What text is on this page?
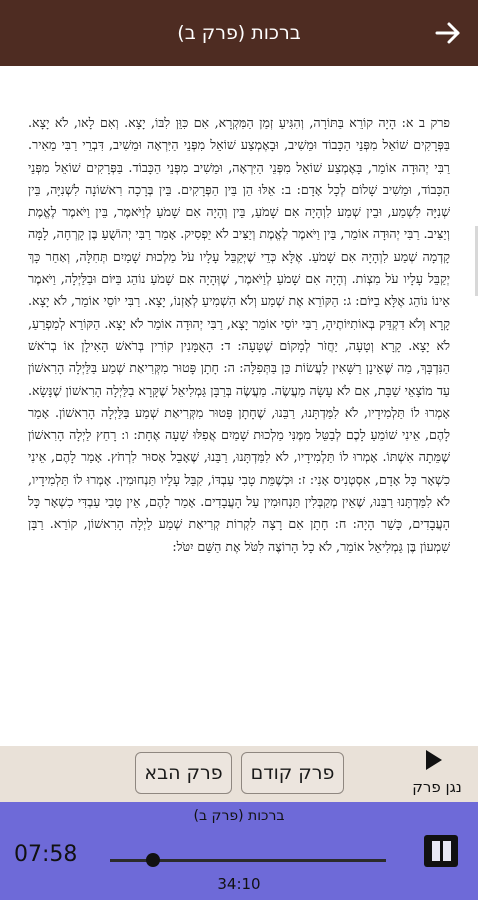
ברכות (פרק ב)
פרק ב א: הָיָה קוֹרֵא בַּתּוֹרָה, וְהִגִּיעַ זְמַן הַמִּקְרָא, אִם כִּוֵּן לִבּוֹ, יָצָא. וְאִם לָאו, לֹא יָצָא. בַּפְּרָקִים שׁוֹאֵל מִפְּנֵי הַכָּבוֹד וּמֵשִׁיב, וּבָאֶמְצַע שׁוֹאֵל מִפְּנֵי הַיִּרְאָה וּמֵשִׁיב, דִּבְרֵי רַבִּי מֵאִיר. רַבִּי יְהוּדָה אוֹמֵר, בָּאֶמְצַע שׁוֹאֵל מִפְּנֵי הַיִּרְאָה, וּמֵשִׁיב מִפְּנֵי הַכָּבוֹד. בַּפְּרָקִים שׁוֹאֵל מִפְּנֵי הַכָּבוֹד, וּמֵשִׁיב שָׁלוֹם לְכָל אָדָם: ב: אֵלּוּ הֵן בֵּין הַפְּרָקִים. בֵּין בְּרָכָה רִאשׁוֹנָה לִשְׁנִיָּה, בֵּין שְׁנִיָּה לִשְׁמַע, וּבֵין שְׁמַע לִוְהָיָה אִם שָׁמֹעַ, בֵּין וְהָיָה אִם שָׁמֹעַ לְוַיֹּאמֶר, בֵּין וַיֹּאמֶר לֶאֱמֶת וְיַצִּיב. רַבִּי יְהוּדָה אוֹמֵר, בֵּין וַיֹּאמֶר לֶאֱמֶת וְיַצִּיב לֹא יַפְסִיק. אָמַר רַבִּי יְהוֹשֻׁעַ בֶּן קָרְחָה, לָמָּה קָדְמָה שְׁמַע לִוְהָיָה אִם שָׁמֹעַ. אֶלָּא כְּדֵי שֶׁיְּקַבֵּל עָלָיו עֹל מַלְכוּת שָׁמַיִם תְּחִלָּה, וְאַחַר כָּךְ יְקַבֵּל עָלָיו עֹל מִצְוֹת. וְהָיָה אִם שָׁמֹעַ לְוַיֹּאמֶר, שֶׁוְּהָיָה אִם שָׁמֹעַ נוֹהֵג בַּיּוֹם וּבַלַּיְלָה, וַיֹּאמֶר אֵינוֹ נוֹהֵג אֶלָּא בַיּוֹם: ג: הַקּוֹרֵא אֶת שְׁמַע וְלֹא הִשְׁמִיעַ לְאָזְנוֹ, יָצָא. רַבִּי יוֹסֵי אוֹמֵר, לֹא יָצָא. קָרָא וְלֹא דִקְדֵּק בְּאוֹתִיּוֹתֶיהָ, רַבִּי יוֹסֵי אוֹמֵר יָצָא, רַבִּי יְהוּדָה אוֹמֵר לֹא יָצָא. הַקּוֹרֵא לְמַפְרֵעַ, לֹא יָצָא. קָרָא וְטָעָה, יַחֲזֹר לְמָקוֹם שֶׁטָּעָה: ד: הָאֻמָּנִין קוֹרִין בְּרֹאשׁ הָאִילָן אוֹ בְרֹאשׁ הַנִּדְבָּךְ, מַה שֶּׁאֵינָן רַשָּׁאִין לַעֲשׂוֹת כֵּן בַּתְּפִלָּה: ה: חָתָן פָּטוּר מִקְּרִיאַת שְׁמַע בַּלַּיְלָה הָרִאשׁוֹן עַד מוֹצָאֵי שַׁבָּת, אִם לֹא עָשָׂה מַעֲשֶׂה. מַעֲשֶׂה בְּרַבָּן גַּמְלִיאֵל שֶׁקָּרָא בַלַּיְלָה הָרִאשׁוֹן שֶׁנָּשָׂא. אָמְרוּ לוֹ תַּלְמִידָיו, לֹא לִמַּדְתָּנוּ, רַבֵּנוּ, שֶׁחָתָן פָּטוּר מִקְּרִיאַת שְׁמַע בַּלַּיְלָה הָרִאשׁוֹן. אָמַר לָהֶם, אֵינִי שׁוֹמֵעַ לָכֶם לְבַטֵּל מִמֶּנִּי מַלְכוּת שָׁמַיִם אֲפִלּוּ שָׁעָה אֶחָת: ו: רָחַץ לַיְלָה הָרִאשׁוֹן שֶׁמֵּתָה אִשְׁתּוֹ. אָמְרוּ לוֹ תַּלְמִידָיו, לֹא לִמַּדְתָּנוּ, רַבֵּנוּ, שֶׁאָבֵל אָסוּר לִרְחֹץ. אָמַר לָהֶם, אֵינִי כִשְׁאָר כָּל אָדָם, אִסְטְנִיס אָנִי: ז: וּכְשֶׁמֵּת טָבִי עַבְדּוֹ, קִבֵּל עָלָיו תַּנְחוּמִין. אָמְרוּ לוֹ תַּלְמִידָיו, לֹא לִמַּדְתָּנוּ רַבֵּנוּ, שֶׁאֵין מְקַבְּלִין תַּנְחוּמִין עַל הָעֲבָדִים. אָמַר לָהֶם, אֵין טָבִי עַבְדִּי כִשְׁאָר כָּל הָעֲבָדִים, כָּשֵׁר הָיָה: ח: חָתָן אִם רָצָה לִקְרוֹת קְרִיאַת שְׁמַע לַיְלָה הָרִאשׁוֹן, קוֹרֵא. רַבָּן שִׁמְעוֹן בֶּן גַּמְלִיאֵל אוֹמֵר, לֹא כָל הָרוֹצֶה לִטֹּל אֶת הַשֵּׁם יִטֹּל:
פרק הבא	פרק קודם
נגן פרק
ברכות (פרק ב)
07:58
34:10
